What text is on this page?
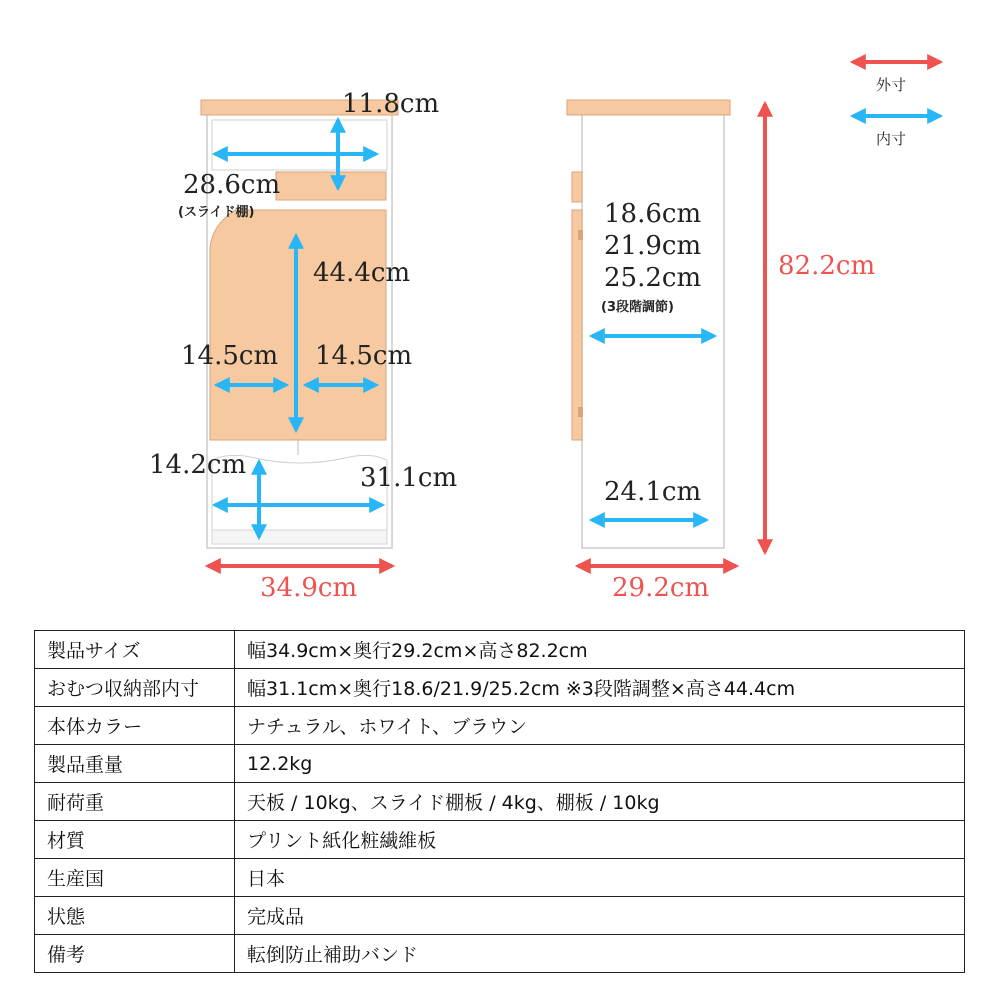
外寸
内寸
11.8cm
28.6cm
(スライド棚)
44.4cm
14.5cm 14.5cm
14.2cm	31.1cm
34.9cm
18.6cm
21.9cm
25.2cm
(3段階調節)
24.1cm
82.2cm
29.2cm
製品サイズ	幅34.9cm×奥行29.2cm×高さ82.2cm
おむつ収納部内寸	幅31.1cm×奥行18.6/21.9/25.2cm ※3段階調整×高さ44.4cm
本体カラー	ナチュラル、ホワイト、ブラウン
製品重量	12.2kg
耐荷重	天板 / 10kg、スライド棚板 / 4kg、棚板 / 10kg
材質	プリント紙化粧繊維板
生産国	日本
状態	完成品
備考	転倒防止補助バンド
